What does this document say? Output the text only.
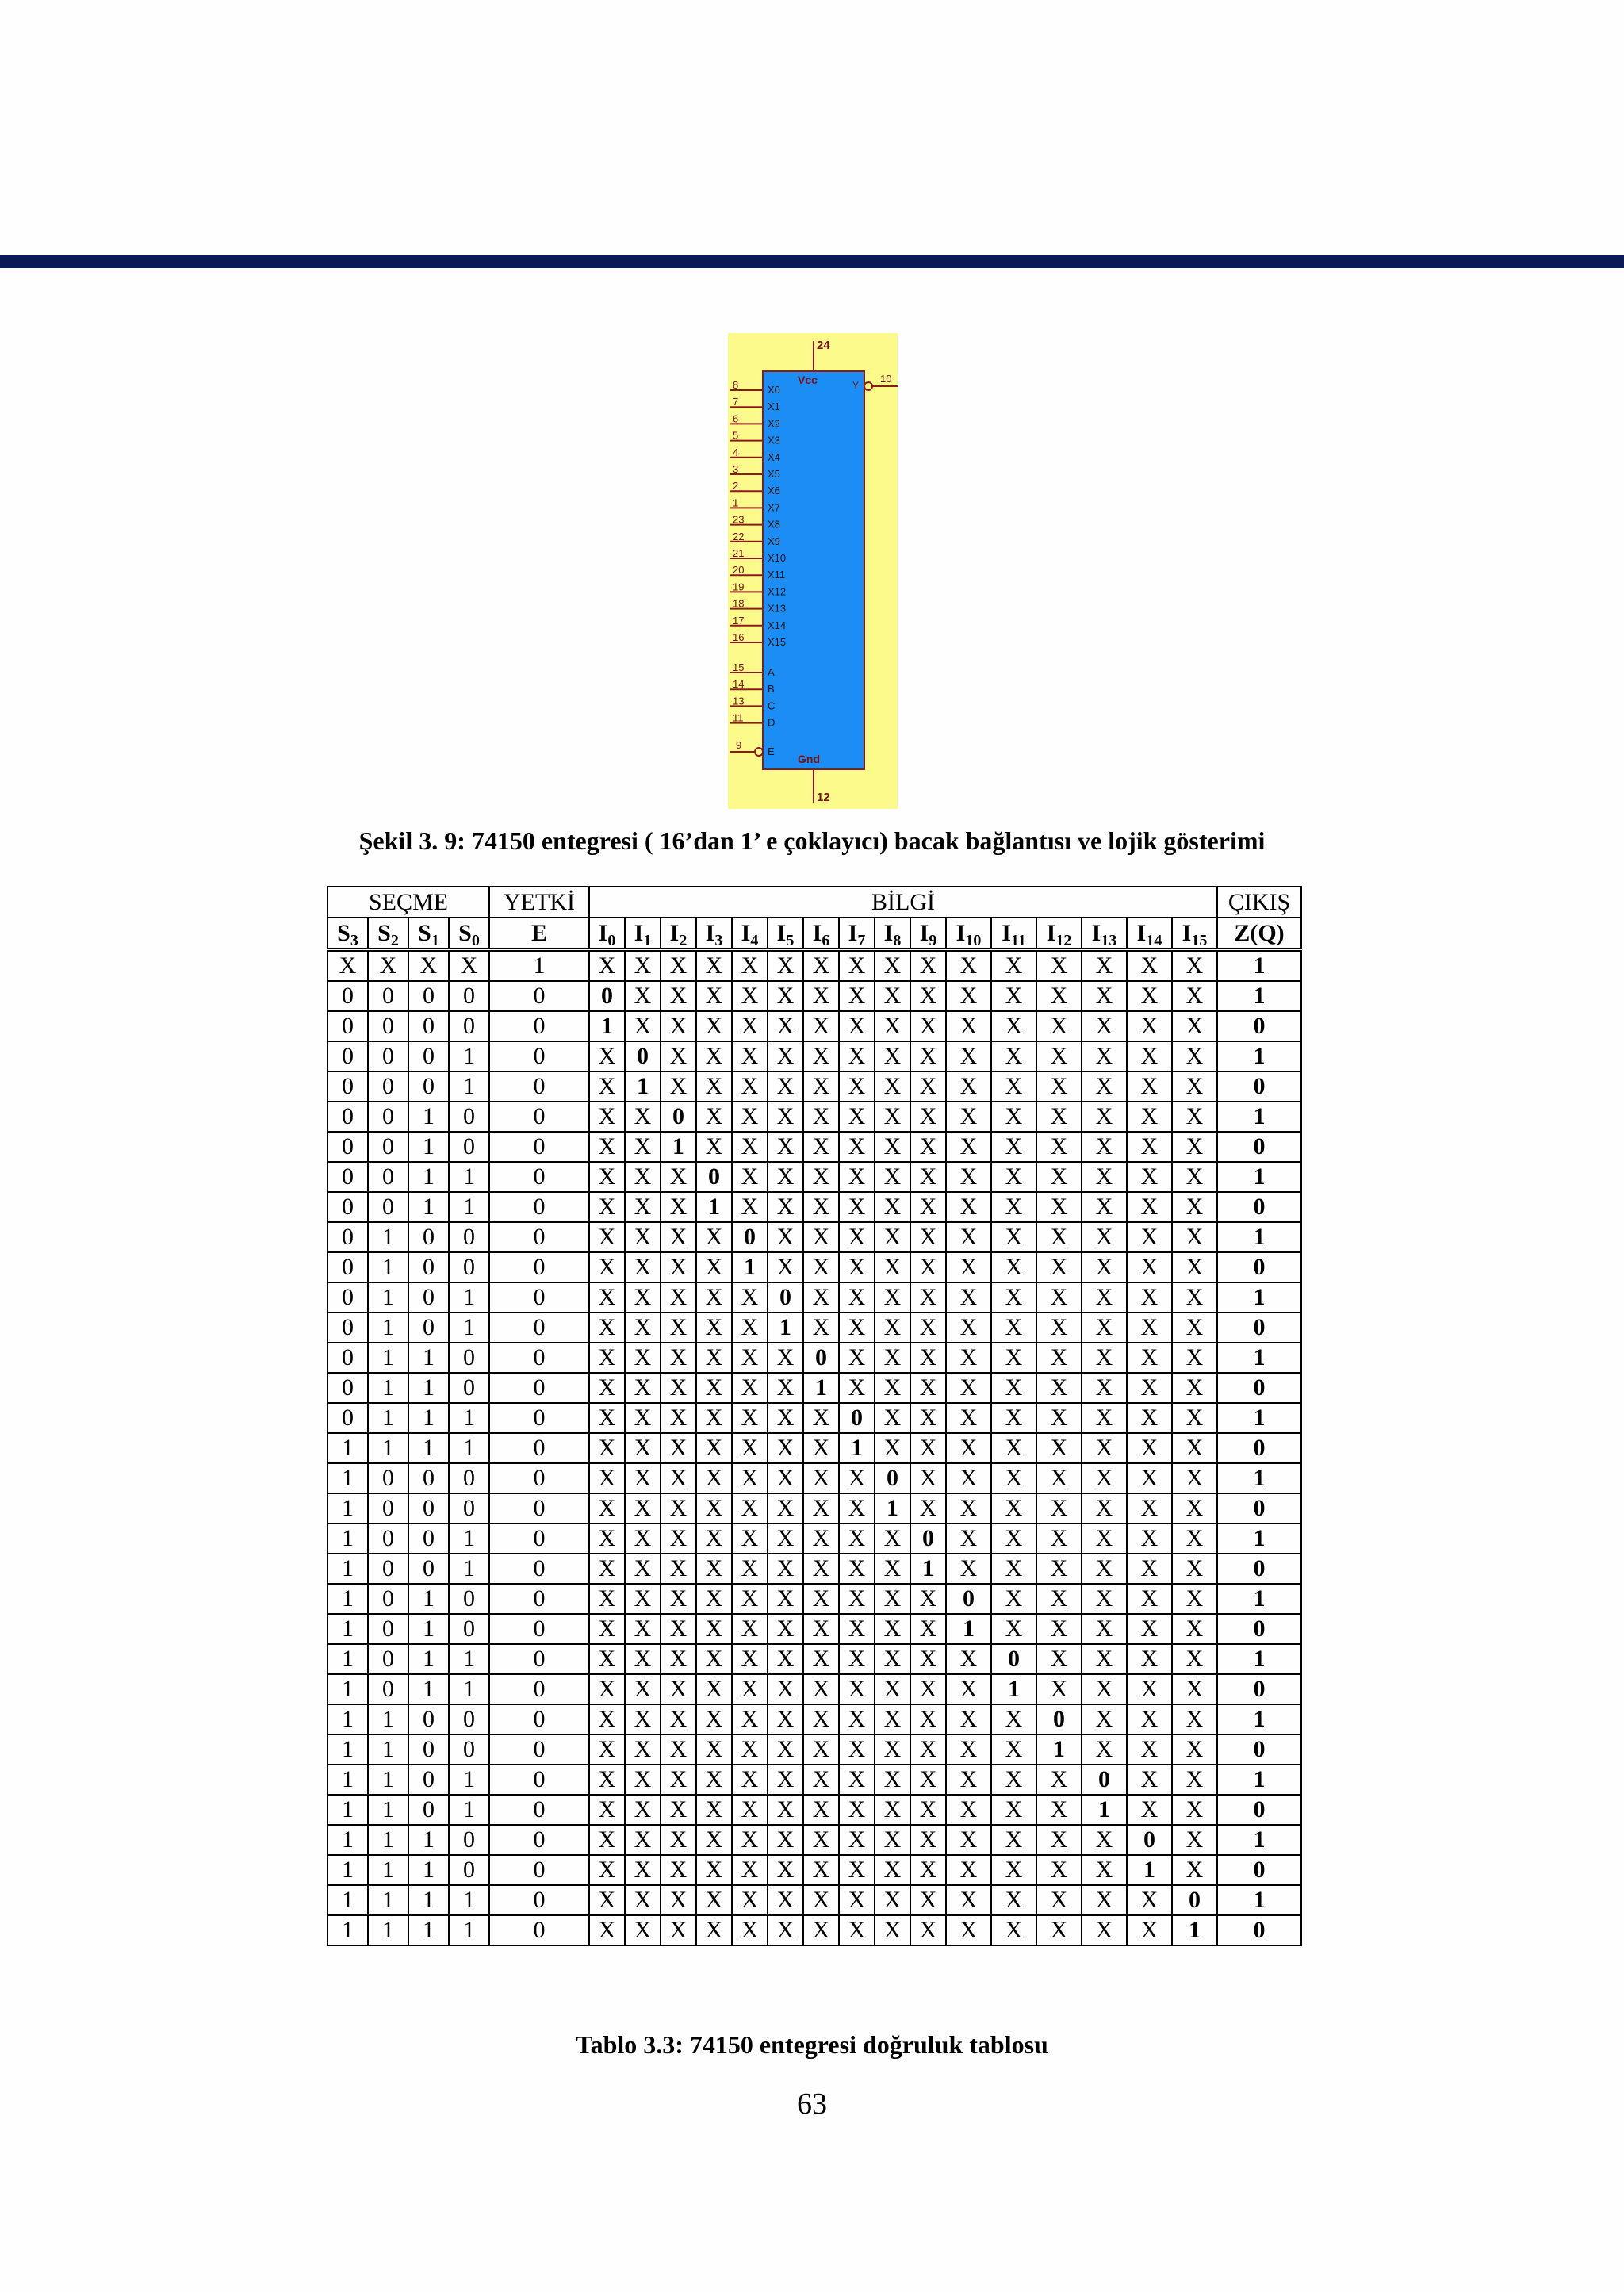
24
Vcc
12
Gnd
Y
10
8	X0
7	X1
6	X2
5	X3
4	X4
3	X5
2	X6
1	X7
23 X8
22 X9
21 X10
20 X11
19 X12
18 X13
17 X14
16 X15
15 A
14 B
13 C
11 D
9
E

Şekil 3. 9: 74150 entegresi ( 16’dan 1’ e çoklayıcı) bacak bağlantısı ve lojik gösterimi

SEÇME				YETKİ	BİLGİ																ÇIKIŞ
$S_3$	$S_2$	$S_1$	$S_0$	E	$I_0$	$I_1$	$I_2$	$I_3$	$I_4$	$I_5$	$I_6$	$I_7$	$I_8$	$I_9$	$I_{10}$	$I_{11}$	$I_{12}$	$I_{13}$	$I_{14}$	$I_{15}$	Z(Q)
X	X	X	X	1	X	X	X	X	X	X	X	X	X	X	X	X	X	X	X	X	1
0	0	0	0	0	0	X	X	X	X	X	X	X	X	X	X	X	X	X	X	X	1
0	0	0	0	0	1	X	X	X	X	X	X	X	X	X	X	X	X	X	X	X	0
0	0	0	1	0	X	0	X	X	X	X	X	X	X	X	X	X	X	X	X	X	1
0	0	0	1	0	X	1	X	X	X	X	X	X	X	X	X	X	X	X	X	X	0
0	0	1	0	0	X	X	0	X	X	X	X	X	X	X	X	X	X	X	X	X	1
0	0	1	0	0	X	X	1	X	X	X	X	X	X	X	X	X	X	X	X	X	0
0	0	1	1	0	X	X	X	0	X	X	X	X	X	X	X	X	X	X	X	X	1
0	0	1	1	0	X	X	X	1	X	X	X	X	X	X	X	X	X	X	X	X	0
0	1	0	0	0	X	X	X	X	0	X	X	X	X	X	X	X	X	X	X	X	1
0	1	0	0	0	X	X	X	X	1	X	X	X	X	X	X	X	X	X	X	X	0
0	1	0	1	0	X	X	X	X	X	0	X	X	X	X	X	X	X	X	X	X	1
0	1	0	1	0	X	X	X	X	X	1	X	X	X	X	X	X	X	X	X	X	0
0	1	1	0	0	X	X	X	X	X	X	0	X	X	X	X	X	X	X	X	X	1
0	1	1	0	0	X	X	X	X	X	X	1	X	X	X	X	X	X	X	X	X	0
0	1	1	1	0	X	X	X	X	X	X	X	0	X	X	X	X	X	X	X	X	1
1	1	1	1	0	X	X	X	X	X	X	X	1	X	X	X	X	X	X	X	X	0
1	0	0	0	0	X	X	X	X	X	X	X	X	0	X	X	X	X	X	X	X	1
1	0	0	0	0	X	X	X	X	X	X	X	X	1	X	X	X	X	X	X	X	0
1	0	0	1	0	X	X	X	X	X	X	X	X	X	0	X	X	X	X	X	X	1
1	0	0	1	0	X	X	X	X	X	X	X	X	X	1	X	X	X	X	X	X	0
1	0	1	0	0	X	X	X	X	X	X	X	X	X	X	0	X	X	X	X	X	1
1	0	1	0	0	X	X	X	X	X	X	X	X	X	X	1	X	X	X	X	X	0
1	0	1	1	0	X	X	X	X	X	X	X	X	X	X	X	0	X	X	X	X	1
1	0	1	1	0	X	X	X	X	X	X	X	X	X	X	X	1	X	X	X	X	0
1	1	0	0	0	X	X	X	X	X	X	X	X	X	X	X	X	0	X	X	X	1
1	1	0	0	0	X	X	X	X	X	X	X	X	X	X	X	X	1	X	X	X	0
1	1	0	1	0	X	X	X	X	X	X	X	X	X	X	X	X	X	0	X	X	1
1	1	0	1	0	X	X	X	X	X	X	X	X	X	X	X	X	X	1	X	X	0
1	1	1	0	0	X	X	X	X	X	X	X	X	X	X	X	X	X	X	0	X	1
1	1	1	0	0	X	X	X	X	X	X	X	X	X	X	X	X	X	X	1	X	0
1	1	1	1	0	X	X	X	X	X	X	X	X	X	X	X	X	X	X	X	0	1
1	1	1	1	0	X	X	X	X	X	X	X	X	X	X	X	X	X	X	X	1	0

Tablo 3.3: 74150 entegresi doğruluk tablosu

63
